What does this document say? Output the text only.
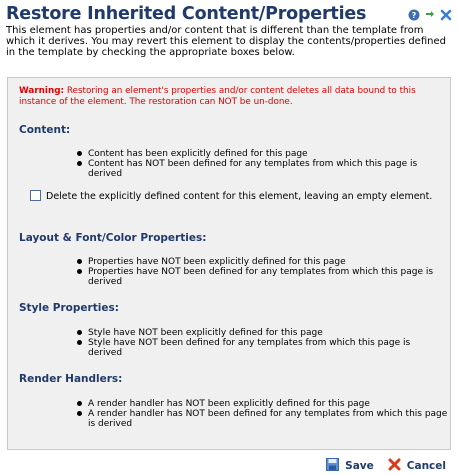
Restore Inherited Content/Properties	?
This element has properties and/or content that is different than the template from which it derives. You may revert this element to display the contents/properties defined in the template by checking the appropriate boxes below.
Warning: Restoring an element's properties and/or content deletes all data bound to this instance of the element. The restoration can NOT be un-done.
Content:
Content has been explicitly defined for this page
Content has NOT been defined for any templates from which this page is derived
Delete the explicitly defined content for this element, leaving an empty element.
Layout & Font/Color Properties:
Properties have NOT been explicitly defined for this page
Properties have NOT been defined for any templates from which this page is derived
Style Properties:
Style have NOT been explicitly defined for this page
Style have NOT been defined for any templates from which this page is derived
Render Handlers:
A render handler has NOT been explicitly defined for this page
A render handler has NOT been defined for any templates from which this page is derived
Save	Cancel
